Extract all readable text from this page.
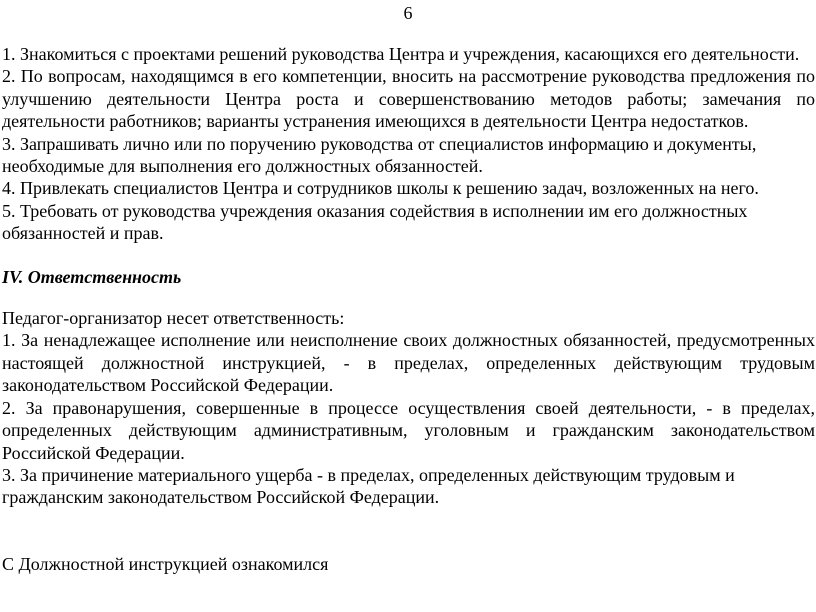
6

1. Знакомиться с проектами решений руководства Центра и учреждения, касающихся его деятельности.

2. По вопросам, находящимся в его компетенции, вносить на рассмотрение руководства предложения по улучшению деятельности Центра роста и совершенствованию методов работы; замечания по деятельности работников; варианты устранения имеющихся в деятельности Центра недостатков.

3. Запрашивать лично или по поручению руководства от специалистов информацию и документы, необходимые для выполнения его должностных обязанностей.

4. Привлекать специалистов Центра и сотрудников школы к решению задач, возложенных на него.

5. Требовать от руководства учреждения оказания содействия в исполнении им его должностных обязанностей и прав.

IV. Ответственность

Педагог-организатор несет ответственность:

1. За ненадлежащее исполнение или неисполнение своих должностных обязанностей, предусмотренных настоящей должностной инструкцией, - в пределах, определенных действующим трудовым законодательством Российской Федерации.

2. За правонарушения, совершенные в процессе осуществления своей деятельности, - в пределах, определенных действующим административным, уголовным и гражданским законодательством Российской Федерации.

3. За причинение материального ущерба - в пределах, определенных действующим трудовым и гражданским законодательством Российской Федерации.

С Должностной инструкцией ознакомился
